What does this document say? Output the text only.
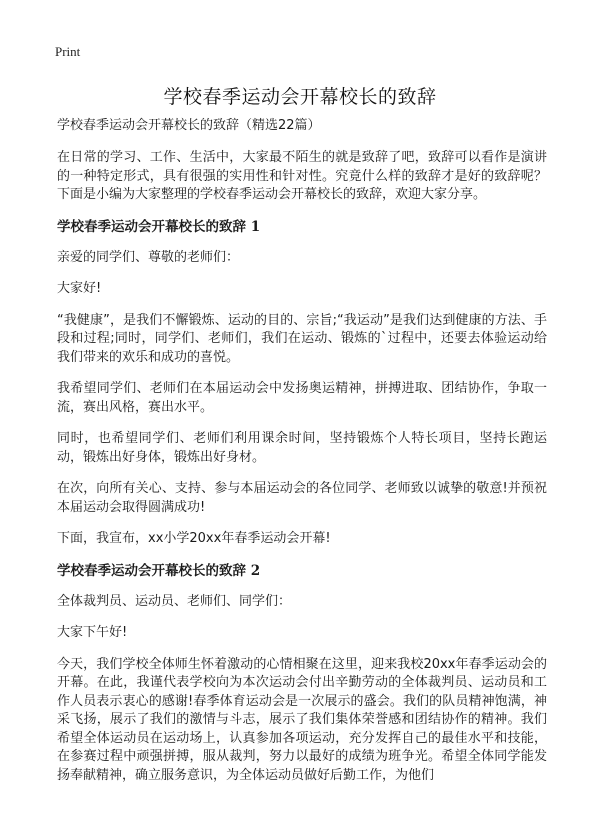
Print
学校春季运动会开幕校长的致辞

学校春季运动会开幕校长的致辞（精选22篇）

在日常的学习、工作、生活中，大家最不陌生的就是致辞了吧，致辞可以看作是演讲的一种特定形式，具有很强的实用性和针对性。究竟什么样的致辞才是好的致辞呢？下面是小编为大家整理的学校春季运动会开幕校长的致辞，欢迎大家分享。

学校春季运动会开幕校长的致辞 1

亲爱的同学们、尊敬的老师们：

大家好!

“我健康”，是我们不懈锻炼、运动的目的、宗旨;“我运动”是我们达到健康的方法、手段和过程;同时，同学们、老师们，我们在运动、锻炼的`过程中，还要去体验运动给我们带来的欢乐和成功的喜悦。

我希望同学们、老师们在本届运动会中发扬奥运精神，拼搏进取、团结协作，争取一流，赛出风格，赛出水平。

同时，也希望同学们、老师们利用课余时间，坚持锻炼个人特长项目，坚持长跑运动，锻炼出好身体，锻炼出好身材。

在次，向所有关心、支持、参与本届运动会的各位同学、老师致以诚挚的敬意!并预祝本届运动会取得圆满成功!

下面，我宣布，xx小学20xx年春季运动会开幕!

学校春季运动会开幕校长的致辞 2

全体裁判员、运动员、老师们、同学们：

大家下午好!

今天，我们学校全体师生怀着激动的心情相聚在这里，迎来我校20xx年春季运动会的开幕。在此，我谨代表学校向为本次运动会付出辛勤劳动的全体裁判员、运动员和工作人员表示衷心的感谢!春季体育运动会是一次展示的盛会。我们的队员精神饱满，神采飞扬，展示了我们的激情与斗志，展示了我们集体荣誉感和团结协作的精神。我们希望全体运动员在运动场上，认真参加各项运动，充分发挥自己的最佳水平和技能，在参赛过程中顽强拼搏，服从裁判，努力以最好的成绩为班争光。希望全体同学能发扬奉献精神，确立服务意识，为全体运动员做好后勤工作，为他们
